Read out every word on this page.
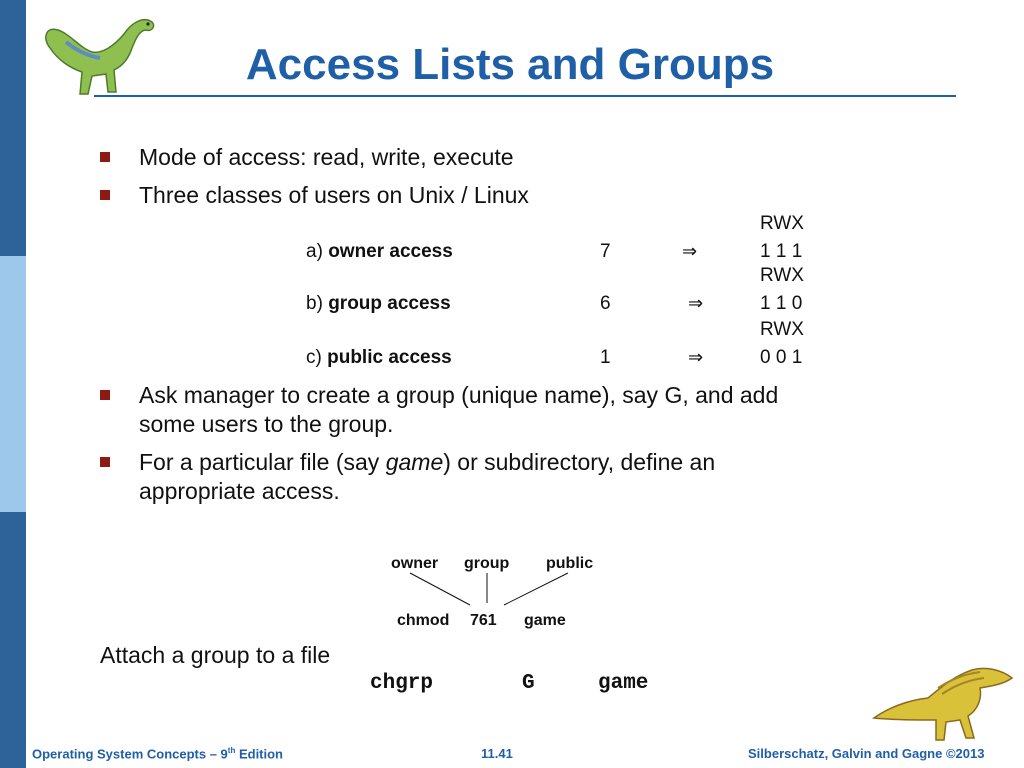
Access Lists and Groups
Mode of access: read, write, execute
Three classes of users on Unix / Linux
RWX
a) owner access	7	⇒	1 1 1
RWX
b) group access	6	⇒	1 1 0
RWX
c) public access	1	⇒	0 0 1
Ask manager to create a group (unique name), say G, and add
some users to the group.
For a particular file (say game) or subdirectory, define an
appropriate access.
owner group public
chmod 761 game
Attach a group to a file
chgrp	G	game
Operating System Concepts – 9th Edition	11.41	Silberschatz, Galvin and Gagne ©2013
